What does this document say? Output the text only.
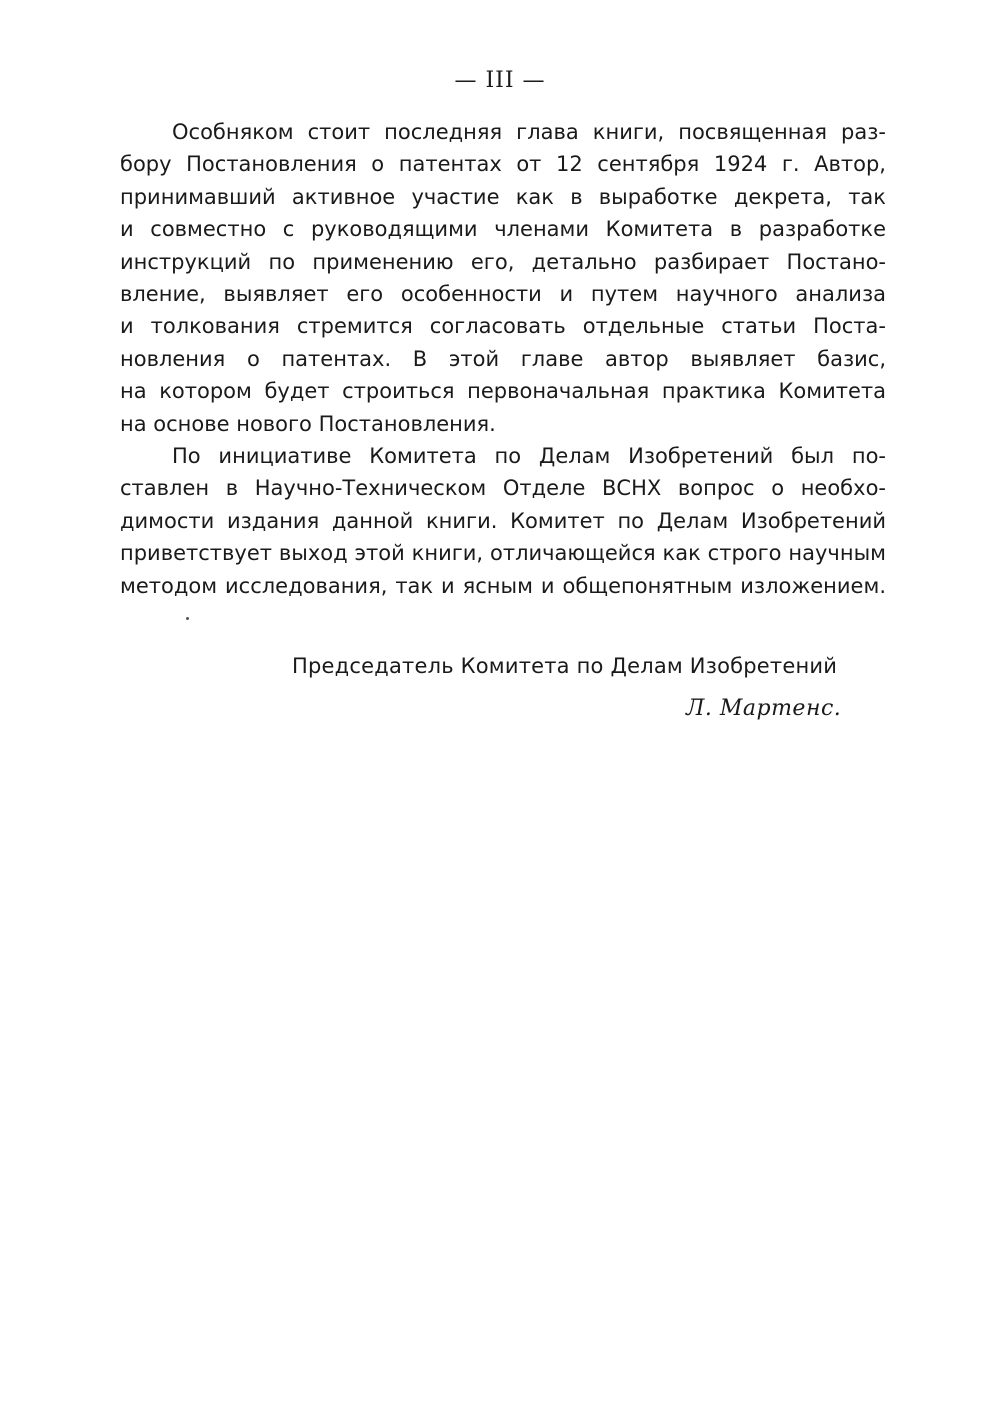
— III —

Особняком стоит последняя глава книги, посвященная раз-
бору Постановления о патентах от 12 сентября 1924 г. Автор,
принимавший активное участие как в выработке декрета, так
и совместно с руководящими членами Комитета в разработке
инструкций по применению его, детально разбирает Постано-
вление, выявляет его особенности и путем научного анализа
и толкования стремится согласовать отдельные статьи Поста-
новления о патентах. В этой главе автор выявляет базис,
на котором будет строиться первоначальная практика Комитета
на основе нового Постановления.

По инициативе Комитета по Делам Изобретений был по-
ставлен в Научно-Техническом Отделе ВСНХ вопрос о необхо-
димости издания данной книги. Комитет по Делам Изобретений
приветствует выход этой книги, отличающейся как строго научным
методом исследования, так и ясным и общепонятным изложением.

Председатель Комитета по Делам Изобретений
Л. Мартенс.
